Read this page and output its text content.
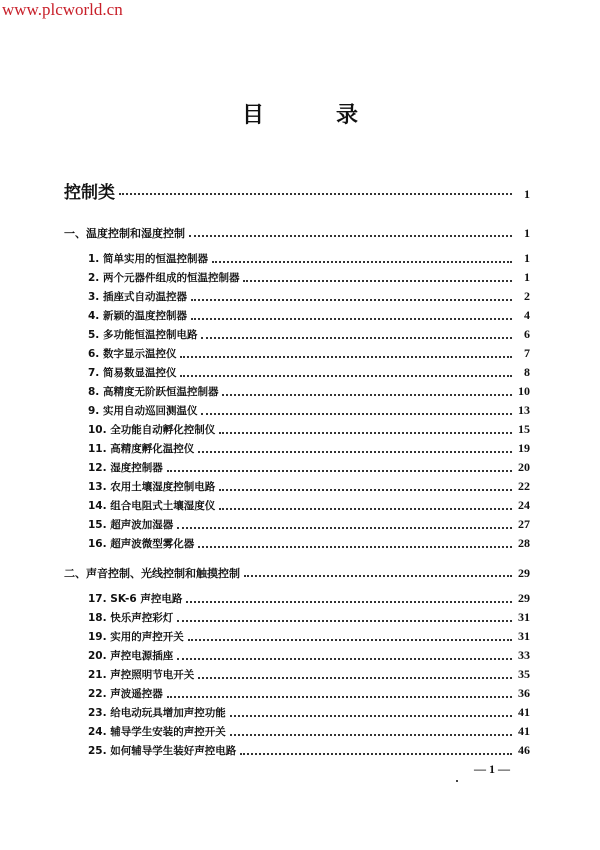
www.plcworld.cn
目	录
控制类	1
一、温度控制和湿度控制	1
1. 简单实用的恒温控制器	1
2. 两个元器件组成的恒温控制器	1
3. 插座式自动温控器	2
4. 新颖的温度控制器	4
5. 多功能恒温控制电路	6
6. 数字显示温控仪	7
7. 简易数显温控仪	8
8. 高精度无阶跃恒温控制器	10
9. 实用自动巡回测温仪	13
10. 全功能自动孵化控制仪	15
11. 高精度孵化温控仪	19
12. 湿度控制器	20
13. 农用土壤湿度控制电路	22
14. 组合电阻式土壤湿度仪	24
15. 超声波加湿器	27
16. 超声波微型雾化器	28
二、声音控制、光线控制和触摸控制	29
17. SK-6 声控电路	29
18. 快乐声控彩灯	31
19. 实用的声控开关	31
20. 声控电源插座	33
21. 声控照明节电开关	35
22. 声波遥控器	36
23. 给电动玩具增加声控功能	41
24. 辅导学生安装的声控开关	41
25. 如何辅导学生装好声控电路	46
— 1 —
